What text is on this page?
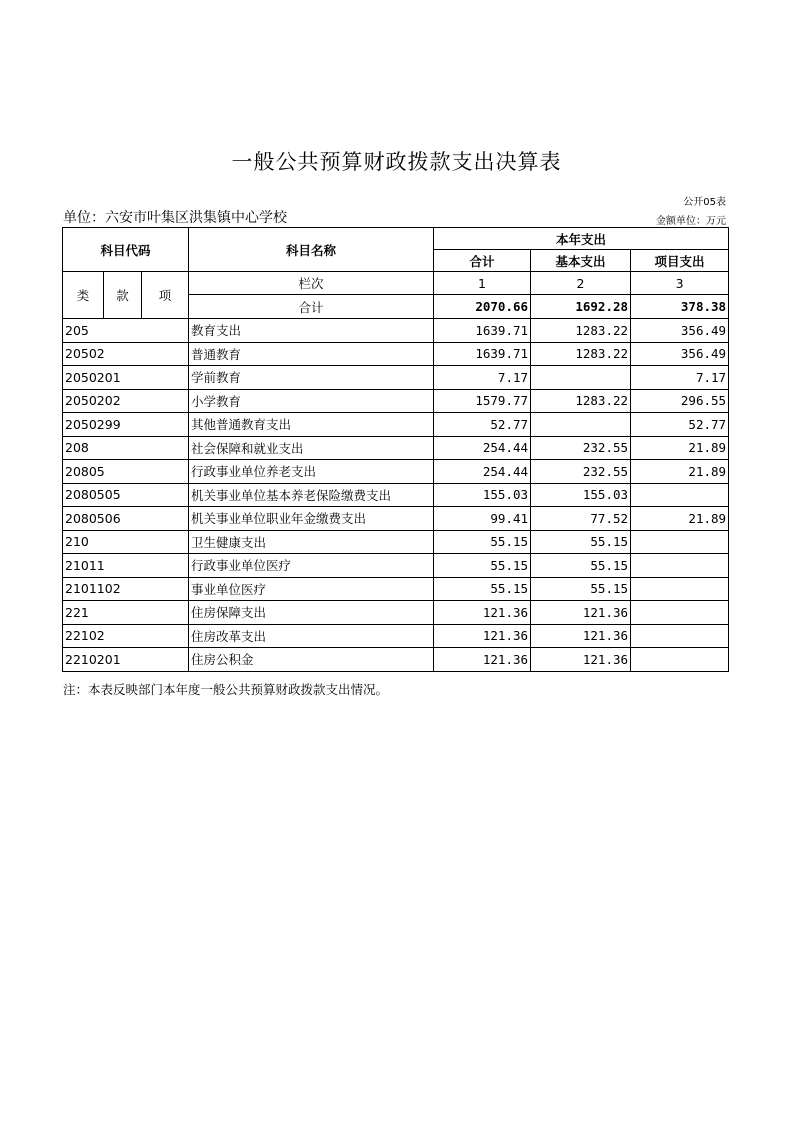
一般公共预算财政拨款支出决算表
公开05表
单位：六安市叶集区洪集镇中心学校	金额单位：万元
科目代码			科目名称	本年支出		
				合计	基本支出	项目支出
类	款	项	栏次	1	2	3
			合计	2070.66	1692.28	378.38
205			教育支出	1639.71	1283.22	356.49
20502			普通教育	1639.71	1283.22	356.49
2050201			学前教育	7.17		7.17
2050202			小学教育	1579.77	1283.22	296.55
2050299			其他普通教育支出	52.77		52.77
208			社会保障和就业支出	254.44	232.55	21.89
20805			行政事业单位养老支出	254.44	232.55	21.89
2080505			机关事业单位基本养老保险缴费支出	155.03	155.03	
2080506			机关事业单位职业年金缴费支出	99.41	77.52	21.89
210			卫生健康支出	55.15	55.15	
21011			行政事业单位医疗	55.15	55.15	
2101102			事业单位医疗	55.15	55.15	
221			住房保障支出	121.36	121.36	
22102			住房改革支出	121.36	121.36	
2210201			住房公积金	121.36	121.36	
注：本表反映部门本年度一般公共预算财政拨款支出情况。
